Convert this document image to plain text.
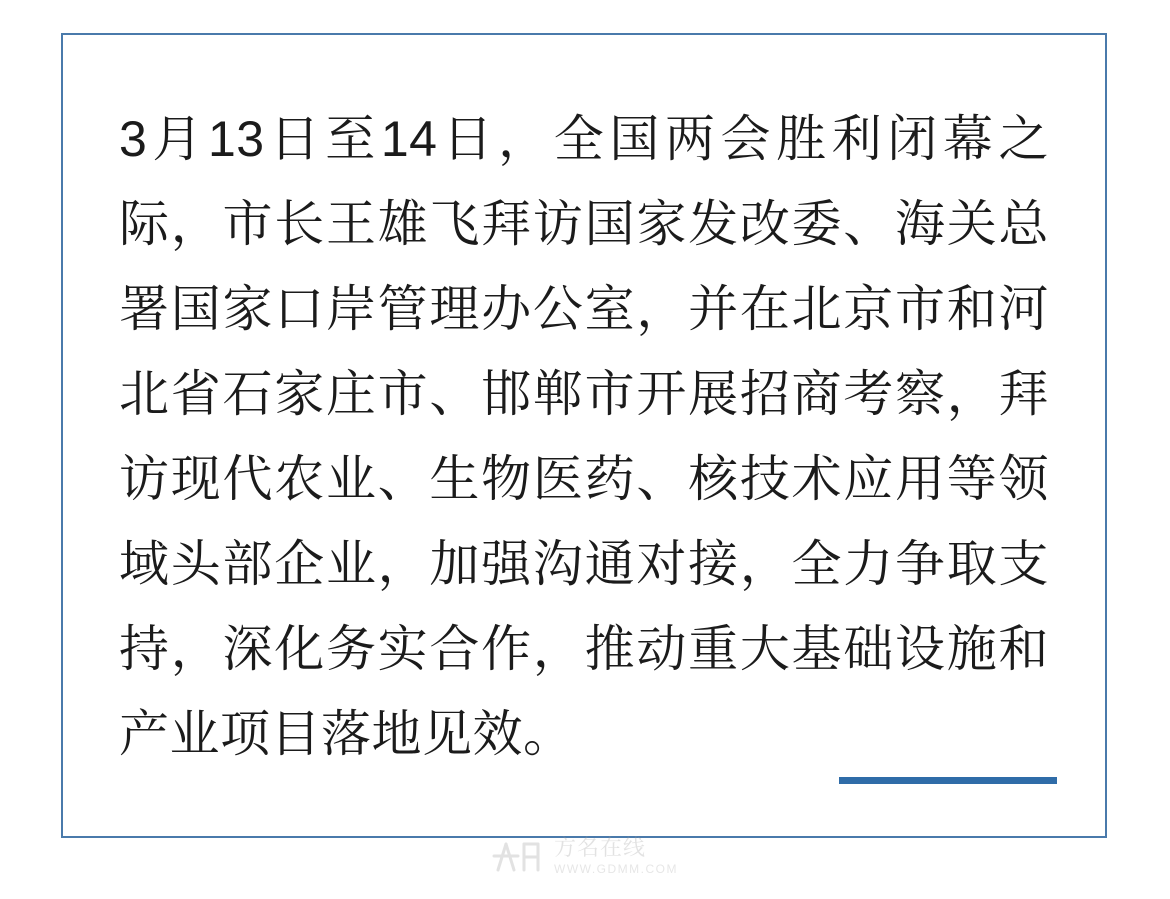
3月13日至14日，全国两会胜利闭幕之际，市长王雄飞拜访国家发改委、海关总署国家口岸管理办公室，并在北京市和河北省石家庄市、邯郸市开展招商考察，拜访现代农业、生物医药、核技术应用等领域头部企业，加强沟通对接，全力争取支持，深化务实合作，推动重大基础设施和产业项目落地见效。

方名在线
WWW.GDMM.COM
